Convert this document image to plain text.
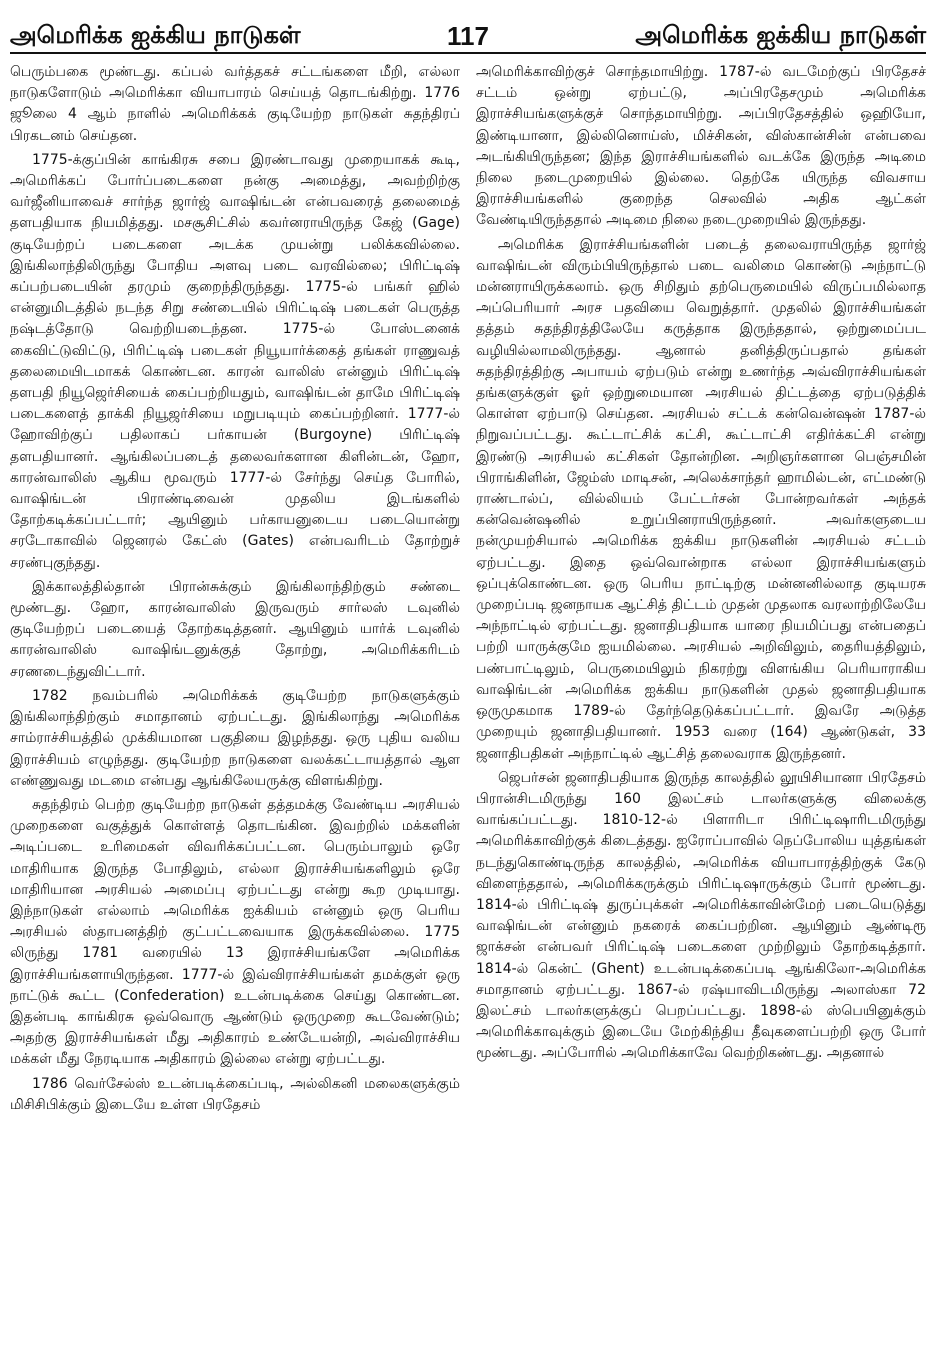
அமெரிக்க ஐக்கிய நாடுகள்	117	அமெரிக்க ஐக்கிய நாடுகள்

பெரும்பகை மூண்டது. கப்பல் வர்த்தகச் சட்டங்களை மீறி, எல்லா நாடுகளோடும் அமெரிக்கா வியாபாரம் செய்யத் தொடங்கிற்று. 1776 ஜூலை 4 ஆம் நாளில் அமெரிக்கக் குடியேற்ற நாடுகள் சுதந்திரப் பிரகடனம் செய்தன.

1775-க்குப்பின் காங்கிரசு சபை இரண்டாவது முறையாகக் கூடி, அமெரிக்கப் போர்ப்படைகளை நன்கு அமைத்து, அவற்றிற்கு வர்ஜீனியாவைச் சார்ந்த ஜார்ஜ் வாஷிங்டன் என்பவரைத் தலைமைத் தளபதியாக நியமித்தது. மசசூசிட்சில் கவர்னராயிருந்த கேஜ் (Gage) குடியேற்றப் படைகளை அடக்க முயன்று பலிக்கவில்லை. இங்கிலாந்திலிருந்து போதிய அளவு படை வரவில்லை; பிரிட்டிஷ் கப்பற்படையின் தரமும் குறைந்திருந்தது. 1775-ல் பங்கர் ஹில் என்னுமிடத்தில் நடந்த சிறு சண்டையில் பிரிட்டிஷ் படைகள் பெருத்த நஷ்டத்தோடு வெற்றியடைந்தன. 1775-ல் போஸ்டனைக் கைவிட்டுவிட்டு, பிரிட்டிஷ் படைகள் நியூயார்க்கைத் தங்கள் ராணுவத் தலைமையிடமாகக் கொண்டன. காரன் வாலிஸ் என்னும் பிரிட்டிஷ் தளபதி நியூஜெர்சியைக் கைப்பற்றியதும், வாஷிங்டன் தாமே பிரிட்டிஷ் படைகளைத் தாக்கி நியூஜர்சியை மறுபடியும் கைப்பற்றினர். 1777-ல் ஹோவிற்குப் பதிலாகப் பர்காயன் (Burgoyne) பிரிட்டிஷ் தளபதியானர். ஆங்கிலப்படைத் தலைவர்களான கிளின்டன், ஹோ, காரன்வாலிஸ் ஆகிய மூவரும் 1777-ல் சேர்ந்து செய்த போரில், வாஷிங்டன் பிராண்டிவைன் முதலிய இடங்களில் தோற்கடிக்கப்பட்டார்; ஆயினும் பர்காயனுடைய படையொன்று சரடோகாவில் ஜெனரல் கேட்ஸ் (Gates) என்பவரிடம் தோற்றுச் சரண்புகுந்தது.

இக்காலத்தில்தான் பிரான்சுக்கும் இங்கிலாந்திற்கும் சண்டை மூண்டது. ஹோ, காரன்வாலிஸ் இருவரும் சார்லஸ் டவுனில் குடியேற்றப் படையைத் தோற்கடித்தனர். ஆயினும் யார்க் டவுனில் காரன்வாலிஸ் வாஷிங்டனுக்குத் தோற்று, அமெரிக்கரிடம் சரணடைந்துவிட்டார்.

1782 நவம்பரில் அமெரிக்கக் குடியேற்ற நாடுகளுக்கும் இங்கிலாந்திற்கும் சமாதானம் ஏற்பட்டது. இங்கிலாந்து அமெரிக்க சாம்ராச்சியத்தில் முக்கியமான பகுதியை இழந்தது. ஒரு புதிய வலிய இராச்சியம் எழுந்தது. குடியேற்ற நாடுகளை வலக்கட்டாயத்தால் ஆள எண்ணுவது மடமை என்பது ஆங்கிலேயருக்கு விளங்கிற்று.

சுதந்திரம் பெற்ற குடியேற்ற நாடுகள் தத்தமக்கு வேண்டிய அரசியல் முறைகளை வகுத்துக் கொள்ளத் தொடங்கின. இவற்றில் மக்களின் அடிப்படை உரிமைகள் விவரிக்கப்பட்டன. பெரும்பாலும் ஒரே மாதிரியாக இருந்த போதிலும், எல்லா இராச்சியங்களிலும் ஒரே மாதிரியான அரசியல் அமைப்பு ஏற்பட்டது என்று கூற முடியாது. இந்நாடுகள் எல்லாம் அமெரிக்க ஐக்கியம் என்னும் ஒரு பெரிய அரசியல் ஸ்தாபனத்திற் குட்பட்டவையாக இருக்கவில்லை. 1775 லிருந்து 1781 வரையில் 13 இராச்சியங்களே அமெரிக்க இராச்சியங்களாயிருந்தன. 1777-ல் இவ்விராச்சியங்கள் தமக்குள் ஒரு நாட்டுக் கூட்ட (Confederation) உடன்படிக்கை செய்து கொண்டன. இதன்படி காங்கிரசு ஒவ்வொரு ஆண்டும் ஒருமுறை கூடவேண்டும்; அதற்கு இராச்சியங்கள் மீது அதிகாரம் உண்டேயன்றி, அவ்விராச்சிய மக்கள் மீது நேரடியாக அதிகாரம் இல்லை என்று ஏற்பட்டது.

1786 வெர்சேல்ஸ் உடன்படிக்கைப்படி, அல்லிகனி மலைகளுக்கும் மிசிசிபிக்கும் இடையே உள்ள பிரதேசம்

அமெரிக்காவிற்குச் சொந்தமாயிற்று. 1787-ல் வடமேற்குப் பிரதேசச் சட்டம் ஒன்று ஏற்பட்டு, அப்பிரதேசமும் அமெரிக்க இராச்சியங்களுக்குச் சொந்தமாயிற்று. அப்பிரதேசத்தில் ஒஹியோ, இண்டியானா, இல்லினொய்ஸ், மிச்சிகன், விஸ்கான்சின் என்பவை அடங்கியிருந்தன; இந்த இராச்சியங்களில் வடக்கே இருந்த அடிமை நிலை நடைமுறையில் இல்லை. தெற்கே யிருந்த விவசாய இராச்சியங்களில் குறைந்த செலவில் அதிக ஆட்கள் வேண்டியிருந்ததால் அடிமை நிலை நடைமுறையில் இருந்தது.

அமெரிக்க இராச்சியங்களின் படைத் தலைவராயிருந்த ஜார்ஜ் வாஷிங்டன் விரும்பியிருந்தால் படை வலிமை கொண்டு அந்நாட்டு மன்னராயிருக்கலாம். ஒரு சிறிதும் தற்பெருமையில் விருப்பமில்லாத அப்பெரியார் அரச பதவியை வெறுத்தார். முதலில் இராச்சியங்கள் தத்தம் சுதந்திரத்திலேயே கருத்தாக இருந்ததால், ஒற்றுமைப்பட வழியில்லாமலிருந்தது. ஆனால் தனித்திருப்பதால் தங்கள் சுதந்திரத்திற்கு அபாயம் ஏற்படும் என்று உணர்ந்த அவ்விராச்சியங்கள் தங்களுக்குள் ஓர் ஒற்றுமையான அரசியல் திட்டத்தை ஏற்படுத்திக் கொள்ள ஏற்பாடு செய்தன. அரசியல் சட்டக் கன்வென்ஷன் 1787-ல் நிறுவப்பட்டது. கூட்டாட்சிக் கட்சி, கூட்டாட்சி எதிர்க்கட்சி என்று இரண்டு அரசியல் கட்சிகள் தோன்றின. அறிஞர்களான பெஞ்சமின் பிராங்கிளின், ஜேம்ஸ் மாடிசன், அலெக்சாந்தர் ஹாமில்டன், எட்மண்டு ராண்டால்ப், வில்லியம் பேட்டர்சன் போன்றவர்கள் அந்தக் கன்வென்ஷனில் உறுப்பினராயிருந்தனர். அவர்களுடைய நன்முயற்சியால் அமெரிக்க ஐக்கிய நாடுகளின் அரசியல் சட்டம் ஏற்பட்டது. இதை ஒவ்வொன்றாக எல்லா இராச்சியங்களும் ஒப்புக்கொண்டன. ஒரு பெரிய நாட்டிற்கு மன்னனில்லாத குடியரசு முறைப்படி ஜனநாயக ஆட்சித் திட்டம் முதன் முதலாக வரலாற்றிலேயே அந்நாட்டில் ஏற்பட்டது. ஜனாதிபதியாக யாரை நியமிப்பது என்பதைப் பற்றி யாருக்குமே ஐயமில்லை. அரசியல் அறிவிலும், தைரியத்திலும், பண்பாட்டிலும், பெருமையிலும் நிகரற்று விளங்கிய பெரியாராகிய வாஷிங்டன் அமெரிக்க ஐக்கிய நாடுகளின் முதல் ஜனாதிபதியாக ஒருமுகமாக 1789-ல் தேர்ந்தெடுக்கப்பட்டார். இவரே அடுத்த முறையும் ஜனாதிபதியானர். 1953 வரை (164) ஆண்டுகள், 33 ஜனாதிபதிகள் அந்நாட்டில் ஆட்சித் தலைவராக இருந்தனர்.

ஜெபர்சன் ஜனாதிபதியாக இருந்த காலத்தில் லூயிசியானா பிரதேசம் பிரான்சிடமிருந்து 160 இலட்சம் டாலர்களுக்கு விலைக்கு வாங்கப்பட்டது. 1810-12-ல் பிளாரிடா பிரிட்டிஷாரிடமிருந்து அமெரிக்காவிற்குக் கிடைத்தது. ஐரோப்பாவில் நெப்போலிய யுத்தங்கள் நடந்துகொண்டிருந்த காலத்தில், அமெரிக்க வியாபாரத்திற்குக் கேடு விளைந்ததால், அமெரிக்கருக்கும் பிரிட்டிஷாருக்கும் போர் மூண்டது. 1814-ல் பிரிட்டிஷ் துருப்புக்கள் அமெரிக்காவின்மேற் படையெடுத்து வாஷிங்டன் என்னும் நகரைக் கைப்பற்றின. ஆயினும் ஆண்டிரூ ஜாக்சன் என்பவர் பிரிட்டிஷ் படைகளை முற்றிலும் தோற்கடித்தார். 1814-ல் கென்ட் (Ghent) உடன்படிக்கைப்படி ஆங்கிலோ-அமெரிக்க சமாதானம் ஏற்பட்டது. 1867-ல் ரஷ்யாவிடமிருந்து அலாஸ்கா 72 இலட்சம் டாலர்களுக்குப் பெறப்பட்டது. 1898-ல் ஸ்பெயினுக்கும் அமெரிக்காவுக்கும் இடையே மேற்கிந்திய தீவுகளைப்பற்றி ஒரு போர் மூண்டது. அப்போரில் அமெரிக்காவே வெற்றிகண்டது. அதனால்
